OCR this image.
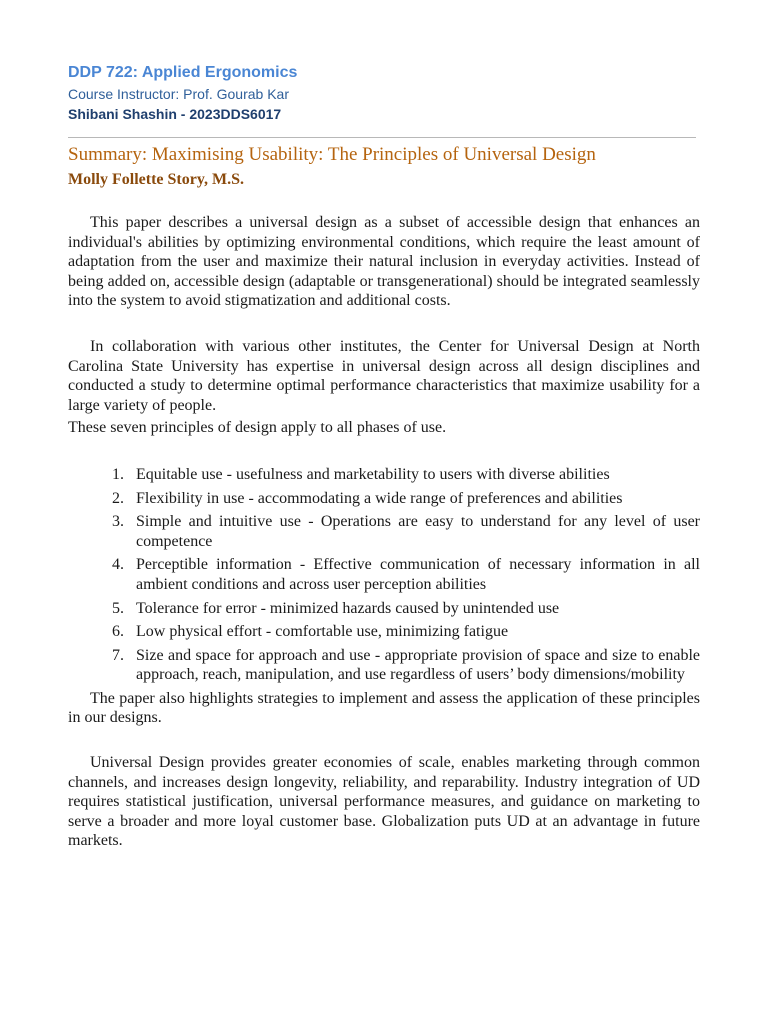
DDP 722: Applied Ergonomics
Course Instructor: Prof. Gourab Kar
Shibani Shashin - 2023DDS6017
Summary: Maximising Usability: The Principles of Universal Design
Molly Follette Story, M.S.

This paper describes a universal design as a subset of accessible design that enhances an individual's abilities by optimizing environmental conditions, which require the least amount of adaptation from the user and maximize their natural inclusion in everyday activities. Instead of being added on, accessible design (adaptable or transgenerational) should be integrated seamlessly into the system to avoid stigmatization and additional costs.

In collaboration with various other institutes, the Center for Universal Design at North Carolina State University has expertise in universal design across all design disciplines and conducted a study to determine optimal performance characteristics that maximize usability for a large variety of people.

These seven principles of design apply to all phases of use.

1. Equitable use - usefulness and marketability to users with diverse abilities
2. Flexibility in use - accommodating a wide range of preferences and abilities
3. Simple and intuitive use - Operations are easy to understand for any level of user competence
4. Perceptible information - Effective communication of necessary information in all ambient conditions and across user perception abilities
5. Tolerance for error - minimized hazards caused by unintended use
6. Low physical effort - comfortable use, minimizing fatigue
7. Size and space for approach and use - appropriate provision of space and size to enable approach, reach, manipulation, and use regardless of users’ body dimensions/mobility

The paper also highlights strategies to implement and assess the application of these principles in our designs.

Universal Design provides greater economies of scale, enables marketing through common channels, and increases design longevity, reliability, and reparability. Industry integration of UD requires statistical justification, universal performance measures, and guidance on marketing to serve a broader and more loyal customer base. Globalization puts UD at an advantage in future markets.
